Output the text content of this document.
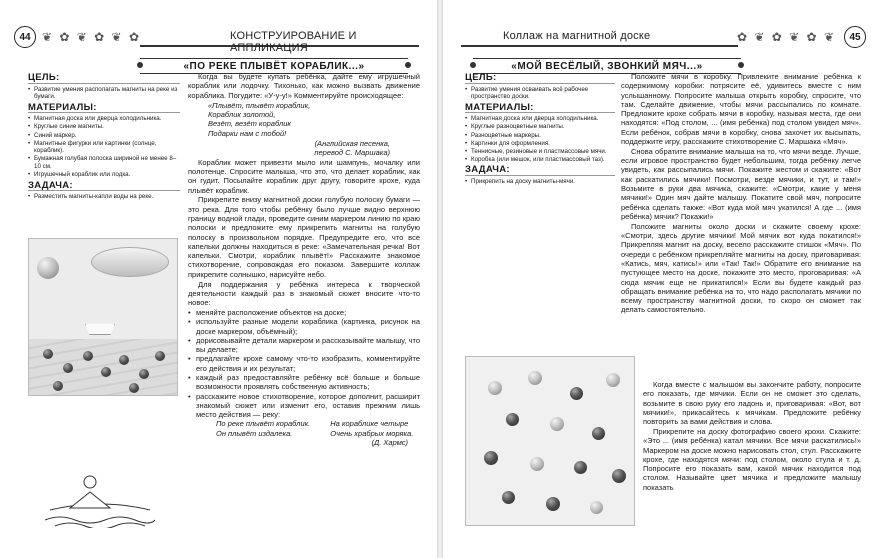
44 ❦ ✿ ❦ ✿ ❦ ✿	КОНСТРУИРОВАНИЕ И АППЛИКАЦИЯ
«ПО РЕКЕ ПЛЫВЁТ КОРАБЛИК...»
ЦЕЛЬ:
• Развитие умения располагать магниты на реке из бумаги.
МАТЕРИАЛЫ:
• Магнитная доска или дверца холодильника.
• Круглые синие магниты.
• Синий маркер.
• Магнитные фигурки или картинки (солнце, кораблик).
• Бумажная голубая полоска шириной не менее 8–10 см.
• Игрушечный кораблик или лодка.
ЗАДАЧА:
• Разместить магниты-капли воды на реке.

Когда вы будете купать ребёнка, дайте ему игрушечный кораблик или лодочку. Тихонько, как можно вызвать движение кораблика. Погудите: «У-у-у!» Комментируйте происходящее:

«Плывёт, плывёт кораблик,
Кораблик золотой,
Везёт, везёт кораблик
Подарки нам с тобой!
(Английская песенка,
перевод С. Маршака)

Кораблик может привезти мыло или шампунь, мочалку или полотенце. Спросите малыша, что это, что делает кораблик, как он гудит. Посылайте кораблик друг другу, говорите крохе, куда плывёт кораблик.

Прикрепите внизу магнитной доски голубую полоску бумаги — это река. Для того чтобы ребёнку было лучше видно верхнюю границу водной глади, проведите синим маркером линию по краю полоски и предложите ему прикрепить магниты на голубую полоску в произвольном порядке. Предупредите его, что все капельки должны находиться в реке: «Замечательная речка! Вот капельки. Смотри, кораблик плывёт!» Расскажите знакомое стихотворение, сопровождая его показом. Завершите коллаж прикрепите солнышко, нарисуйте небо.

Для поддержания у ребёнка интереса к творческой деятельности каждый раз в знакомый сюжет вносите что-то новое:

• меняйте расположение объектов на доске;
• используйте разные модели кораблика (картинка, рисунок на доске маркером, объёмный);
• дорисовывайте детали маркером и рассказывайте малышу, что вы делаете;
• предлагайте крохе самому что-то изобразить, комментируйте его действия и их результат;
• каждый раз предоставляйте ребёнку всё больше и больше возможности проявлять собственную активность;
• расскажите новое стихотворение, которое дополнит, расширит знакомый сюжет или изменит его, оставив прежним лишь место действия — реку:
По реке плывёт кораблик.
Он плывёт издалека.
На кораблике четыре
Очень храбрых моряка.
(Д. Хармс)
Коллаж на магнитной доске	✿ ❦ ✿ ❦ ✿ ❦	45
«МОЙ ВЕСЁЛЫЙ, ЗВОНКИЙ МЯЧ...»
ЦЕЛЬ:
• Развитие умения осваивать всё рабочее пространство доски.
МАТЕРИАЛЫ:
• Магнитная доска или дверца холодильника.
• Круглые разноцветные магниты.
• Разноцветные маркеры.
• Картинки для оформления.
• Теннисные, резиновые и пластмассовые мячи.
• Коробка (или мешок, или пластмассовый таз).
ЗАДАЧА:
• Прикрепить на доску магниты-мячи.

Положите мячи в коробку. Привлеките внимание ребёнка к содержимому коробки: потрясите её, удивитесь вместе с ним услышанному. Попросите малыша открыть коробку, спросите, что там. Сделайте движение, чтобы мячи рассыпались по комнате. Предложите крохе собрать мячи в коробку, называя места, где они находятся: «Под столом, ... (имя ребёнка) под столом увидел мяч». Если ребёнок, собрав мячи в коробку, снова захочет их высыпать, поддержите игру, расскажите стихотворение С. Маршака «Мяч».

Снова обратите внимание малыша на то, что мячи везде. Лучше, если игровое пространство будет небольшим, тогда ребёнку легче увидеть, как рассыпались мячи. Покажите жестом и скажите: «Вот как раскатились мячики! Посмотри, везде мячики, и тут, и там!» Возьмите в руки два мячика, скажите: «Смотри, какие у меня мячики!» Один мяч дайте малышу. Покатите свой мяч, попросите ребёнка сделать также: «Вот куда мой мяч укатился! А где ... (имя ребёнка) мячик? Покажи!»

Положите магниты около доски и скажите своему крохе: «Смотри, здесь другие мячики! Мой мячик вот куда покатился!» Прикрепляя магнит на доску, весело расскажите стишок «Мяч». По очереди с ребёнком прикрепляйте магниты на доску, приговаривая: «Катись, мяч, катись!» или «Так! Так!» Обратите его внимание на пустующее место на доске, покажите это место, проговаривая: «А сюда мячик еще не прикатился!» Если вы будете каждый раз обращать внимание ребёнка на то, что надо располагать мячики по всему пространству магнитной доски, то скоро он сможет так делать самостоятельно.

Когда вместе с малышом вы закончите работу, попросите его показать, где мячики. Если он не сможет это сделать, возьмите в свою руку его ладонь и, приговаривая: «Вот, вот мячики!», прикасайтесь к мячикам. Предложите ребёнку повторить за вами действия и слова.

Прикрепите на доску фотографию своего крохи. Скажите: «Это ... (имя ребёнка) катал мячики. Все мячи раскатились!» Маркером на доске можно нарисовать стол, стул. Расскажите крохе, где находятся мячи: под столом, около стула и т. д. Попросите его показать вам, какой мячик находится под столом. Называйте цвет мячика и предложите малышу показать
